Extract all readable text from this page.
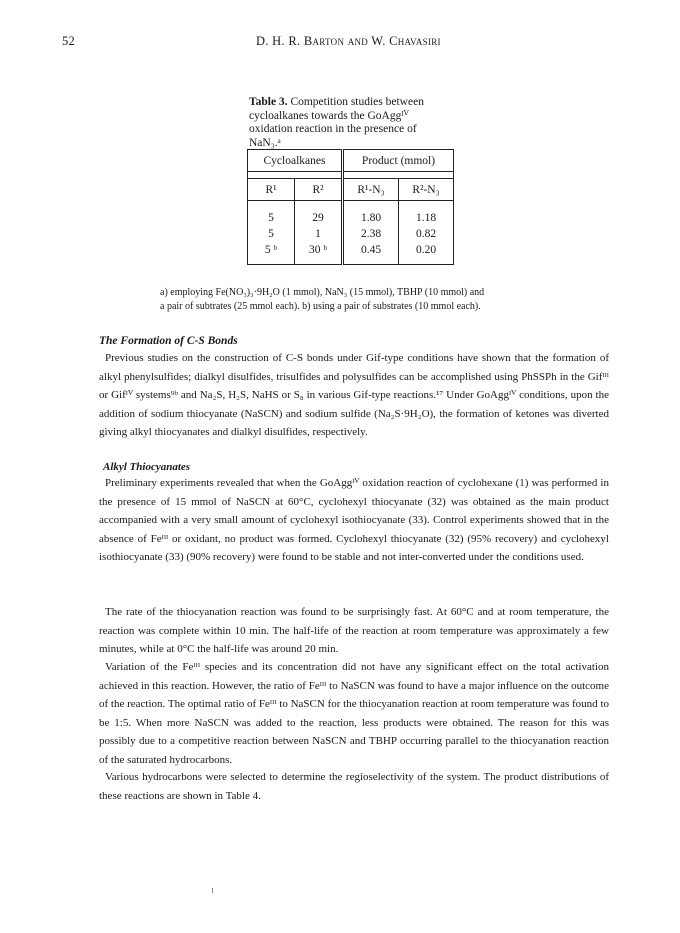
52	D. H. R. Barton and W. Chavasiri
Table 3. Competition studies between cycloalkanes towards the GoAggᴵⱽ oxidation reaction in the presence of NaN₃.ᵃ
Cycloalkanes		Product (mmol)	

R¹	R²	R¹-N₃	R²-N₃

5	29	1.80	1.18
5	1	2.38	0.82
5 ᵇ	30 ᵇ	0.45	0.20
a) employing Fe(NO₃)₃·9H₂O (1 mmol), NaN₃ (15 mmol), TBHP (10 mmol) and
a pair of subtrates (25 mmol each). b) using a pair of substrates (10 mmol each).
The Formation of C-S Bonds
Previous studies on the construction of C-S bonds under Gif-type conditions have shown that the formation of alkyl phenylsulfides; dialkyl disulfides, trisulfides and polysulfides can be accomplished using PhSSPh in the Gifᴵᴵᴵ or Gifᴵⱽ systems⁹ᵇ and Na₂S, H₂S, NaHS or S₈ in various Gif-type reactions.¹⁷ Under GoAggᴵⱽ conditions, upon the addition of sodium thiocyanate (NaSCN) and sodium sulfide (Na₂S·9H₂O), the formation of ketones was diverted giving alkyl thiocyanates and dialkyl disulfides, respectively.
Alkyl Thiocyanates
Preliminary experiments revealed that when the GoAggᴵⱽ oxidation reaction of cyclohexane (1) was performed in the presence of 15 mmol of NaSCN at 60°C, cyclohexyl thiocyanate (32) was obtained as the main product accompanied with a very small amount of cyclohexyl isothiocyanate (33). Control experiments showed that in the absence of Feᴵᴵᴵ or oxidant, no product was formed. Cyclohexyl thiocyanate (32) (95% recovery) and cyclohexyl isothiocyanate (33) (90% recovery) were found to be stable and not inter-converted under the conditions used.
The rate of the thiocyanation reaction was found to be surprisingly fast. At 60°C and at room temperature, the reaction was complete within 10 min. The half-life of the reaction at room temperature was approximately a few minutes, while at 0°C the half-life was around 20 min.
Variation of the Feᴵᴵᴵ species and its concentration did not have any significant effect on the total activation achieved in this reaction. However, the ratio of Feᴵᴵᴵ to NaSCN was found to have a major influence on the outcome of the reaction. The optimal ratio of Feᴵᴵᴵ to NaSCN for the thiocyanation reaction at room temperature was found to be 1:5. When more NaSCN was added to the reaction, less products were obtained. The reason for this was possibly due to a competitive reaction between NaSCN and TBHP occurring parallel to the thiocyanation reaction of the saturated hydrocarbons.
Various hydrocarbons were selected to determine the regioselectivity of the system. The product distributions of these reactions are shown in Table 4.
